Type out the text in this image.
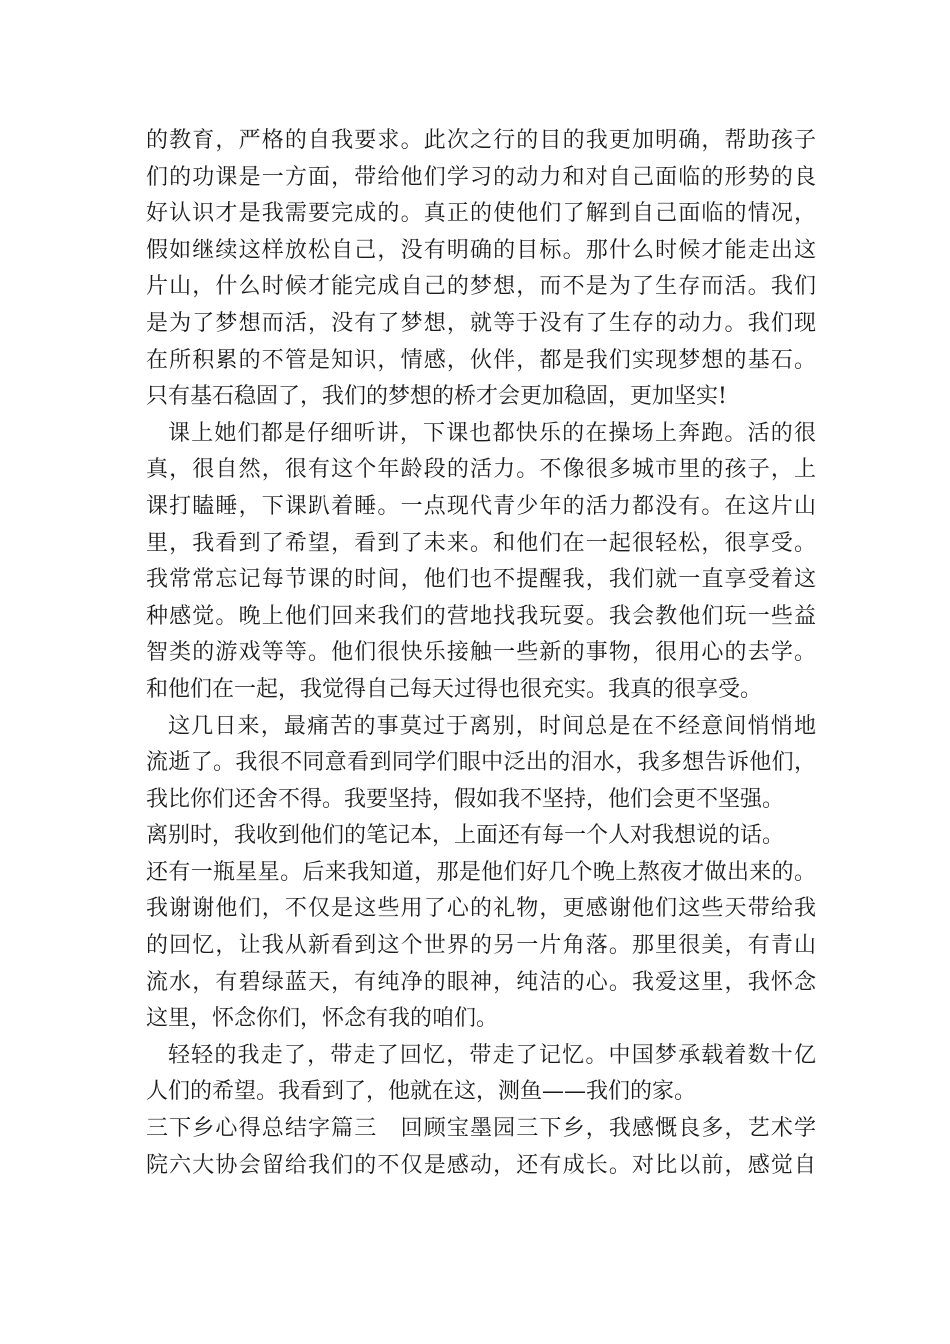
的教育，严格的自我要求。此次之行的目的我更加明确，帮助孩子
们的功课是一方面，带给他们学习的动力和对自己面临的形势的良
好认识才是我需要完成的。真正的使他们了解到自己面临的情况，
假如继续这样放松自己，没有明确的目标。那什么时候才能走出这
片山，什么时候才能完成自己的梦想，而不是为了生存而活。我们
是为了梦想而活，没有了梦想，就等于没有了生存的动力。我们现
在所积累的不管是知识，情感，伙伴，都是我们实现梦想的基石。
只有基石稳固了，我们的梦想的桥才会更加稳固，更加坚实!
课上她们都是仔细听讲，下课也都快乐的在操场上奔跑。活的很
真，很自然，很有这个年龄段的活力。不像很多城市里的孩子，上
课打瞌睡，下课趴着睡。一点现代青少年的活力都没有。在这片山
里，我看到了希望，看到了未来。和他们在一起很轻松，很享受。
我常常忘记每节课的时间，他们也不提醒我，我们就一直享受着这
种感觉。晚上他们回来我们的营地找我玩耍。我会教他们玩一些益
智类的游戏等等。他们很快乐接触一些新的事物，很用心的去学。
和他们在一起，我觉得自己每天过得也很充实。我真的很享受。
这几日来，最痛苦的事莫过于离别，时间总是在不经意间悄悄地
流逝了。我很不同意看到同学们眼中泛出的泪水，我多想告诉他们，
我比你们还舍不得。我要坚持，假如我不坚持，他们会更不坚强。
离别时，我收到他们的笔记本，上面还有每一个人对我想说的话。
还有一瓶星星。后来我知道，那是他们好几个晚上熬夜才做出来的。
我谢谢他们，不仅是这些用了心的礼物，更感谢他们这些天带给我
的回忆，让我从新看到这个世界的另一片角落。那里很美，有青山
流水，有碧绿蓝天，有纯净的眼神，纯洁的心。我爱这里，我怀念
这里，怀念你们，怀念有我的咱们。
轻轻的我走了，带走了回忆，带走了记忆。中国梦承载着数十亿
人们的希望。我看到了，他就在这，测鱼——我们的家。
三下乡心得总结字篇三　回顾宝墨园三下乡，我感慨良多，艺术学
院六大协会留给我们的不仅是感动，还有成长。对比以前，感觉自
